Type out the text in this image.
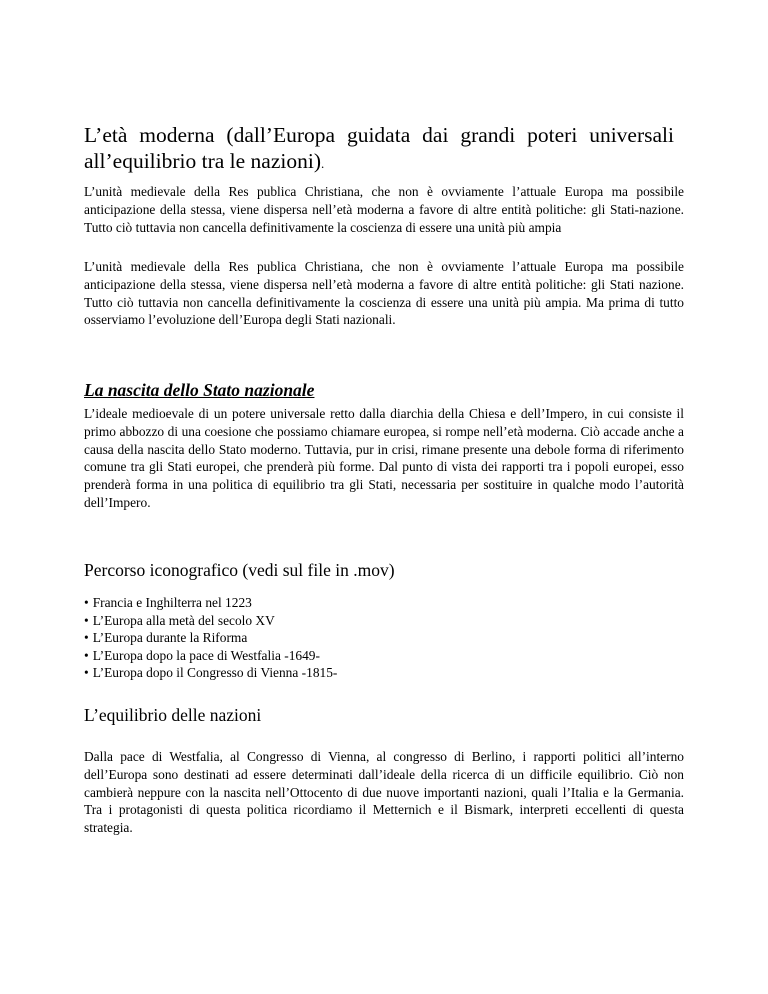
L’età moderna (dall’Europa guidata dai grandi poteri universali all’equilibrio tra le nazioni).

L’unità medievale della Res publica Christiana, che non è ovviamente l’attuale Europa ma possibile anticipazione della stessa, viene dispersa nell’età moderna a favore di altre entità politiche: gli Stati-nazione. Tutto ciò tuttavia non cancella definitivamente la coscienza di essere una unità più ampia

L’unità medievale della Res publica Christiana, che non è ovviamente l’attuale Europa ma possibile anticipazione della stessa, viene dispersa nell’età moderna a favore di altre entità politiche: gli Stati nazione. Tutto ciò tuttavia non cancella definitivamente la coscienza di essere una unità più ampia. Ma prima di tutto osserviamo l’evoluzione dell’Europa degli Stati nazionali.

La nascita dello Stato nazionale

L’ideale medioevale di un potere universale retto dalla diarchia della Chiesa e dell’Impero, in cui consiste il primo abbozzo di una coesione che possiamo chiamare europea, si rompe nell’età moderna. Ciò accade anche a causa della nascita dello Stato moderno. Tuttavia, pur in crisi, rimane presente una debole forma di riferimento comune tra gli Stati europei, che prenderà più forme. Dal punto di vista dei rapporti tra i popoli europei, esso prenderà forma in una politica di equilibrio tra gli Stati, necessaria per sostituire in qualche modo l’autorità dell’Impero.

Percorso iconografico (vedi sul file in .mov)
• Francia e Inghilterra nel 1223
• L’Europa alla metà del secolo XV
• L’Europa durante la Riforma
• L’Europa dopo la pace di Westfalia -1649-
• L’Europa dopo il Congresso di Vienna -1815-
L’equilibrio delle nazioni

Dalla pace di Westfalia, al Congresso di Vienna, al congresso di Berlino, i rapporti politici all’interno dell’Europa sono destinati ad essere determinati dall’ideale della ricerca di un difficile equilibrio. Ciò non cambierà neppure con la nascita nell’Ottocento di due nuove importanti nazioni, quali l’Italia e la Germania. Tra i protagonisti di questa politica ricordiamo il Metternich e il Bismark, interpreti eccellenti di questa strategia.
